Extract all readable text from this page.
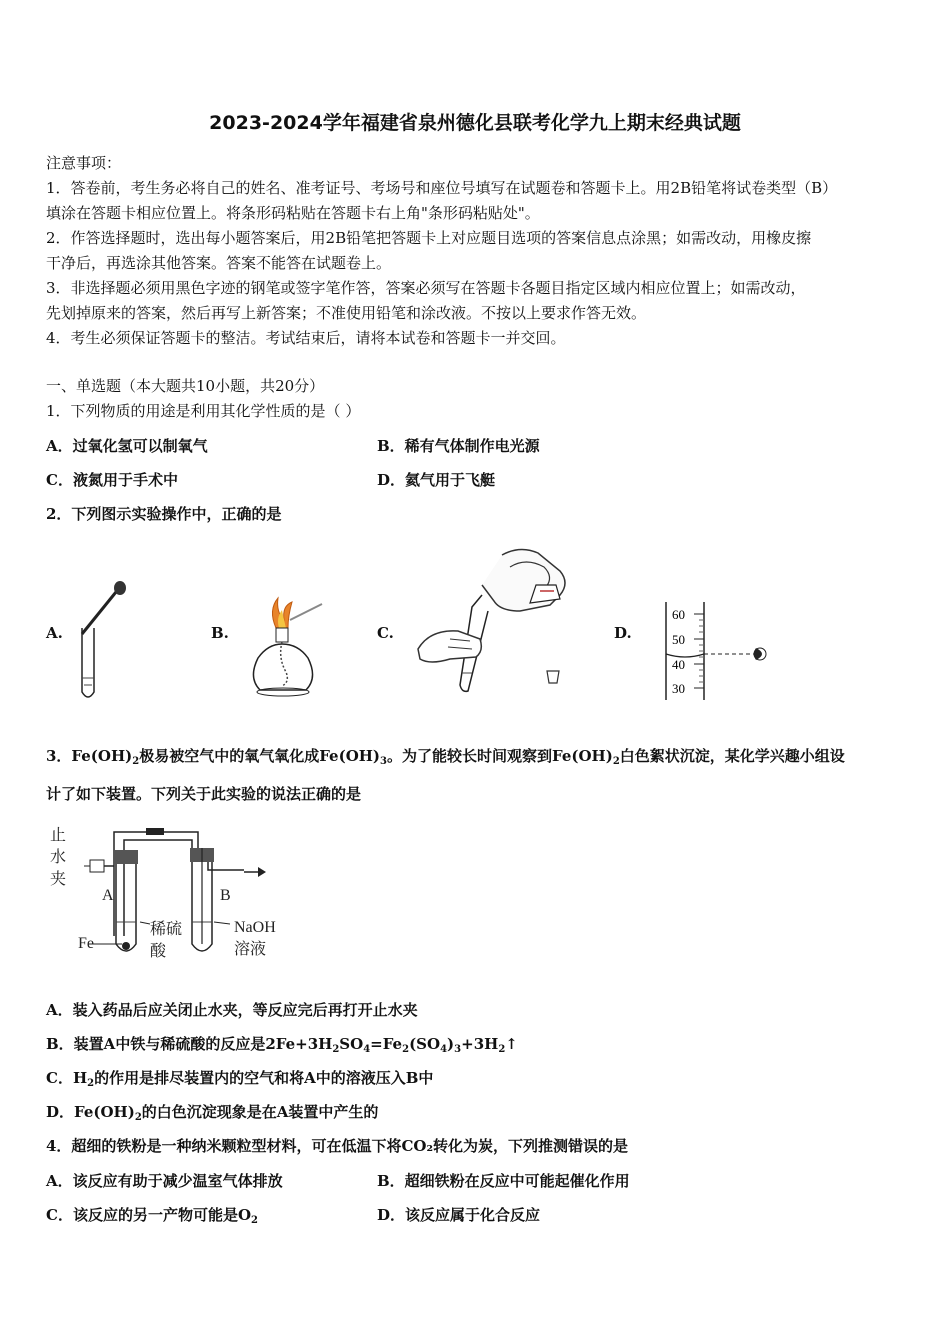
2023-2024学年福建省泉州德化县联考化学九上期末经典试题
注意事项：
1．答卷前，考生务必将自己的姓名、准考证号、考场号和座位号填写在试题卷和答题卡上。用2B铅笔将试卷类型（B）
填涂在答题卡相应位置上。将条形码粘贴在答题卡右上角"条形码粘贴处"。
2．作答选择题时，选出每小题答案后，用2B铅笔把答题卡上对应题目选项的答案信息点涂黑；如需改动，用橡皮擦
干净后，再选涂其他答案。答案不能答在试题卷上。
3．非选择题必须用黑色字迹的钢笔或签字笔作答，答案必须写在答题卡各题目指定区域内相应位置上；如需改动，
先划掉原来的答案，然后再写上新答案；不准使用铅笔和涂改液。不按以上要求作答无效。
4．考生必须保证答题卡的整洁。考试结束后，请将本试卷和答题卡一并交回。
一、单选题（本大题共10小题，共20分）
1．下列物质的用途是利用其化学性质的是（ ）
A．过氧化氢可以制氧气	B．稀有气体制作电光源
C．液氮用于手术中	D．氦气用于飞艇
2．下列图示实验操作中，正确的是
A.	B.	C.	D.
60
50
40
30
3．$Fe(OH)_2$极易被空气中的氧气氧化成$Fe(OH)_3$。为了能较长时间观察到$Fe(OH)_2$白色絮状沉淀，某化学兴趣小组设
计了如下装置。下列关于此实验的说法正确的是
止
水
夹
A	B
Fe
稀硫
酸
NaOH
溶液
A．装入药品后应关闭止水夹，等反应完后再打开止水夹
B．装置A中铁与稀硫酸的反应是$2Fe+3H_2SO_4=Fe_2(SO_4)_3+3H_2↑$
C．$H_2$的作用是排尽装置内的空气和将A中的溶液压入B中
D．$Fe(OH)_2$的白色沉淀现象是在A装置中产生的
4．超细的铁粉是一种纳米颗粒型材料，可在低温下将CO₂转化为炭，下列推测错误的是
A．该反应有助于减少温室气体排放	B．超细铁粉在反应中可能起催化作用
C．该反应的另一产物可能是$O_2$	D．该反应属于化合反应
